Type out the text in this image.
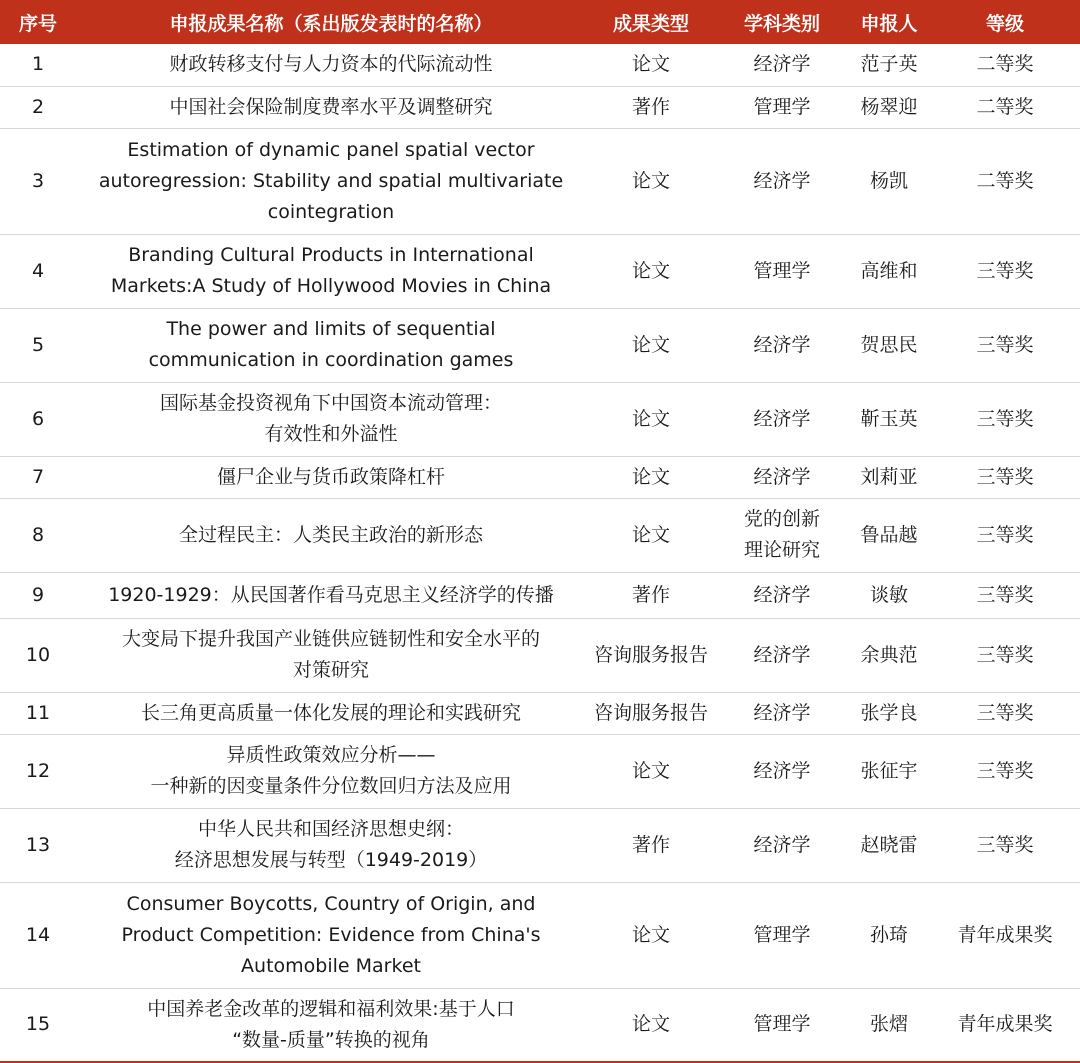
序号	申报成果名称（系出版发表时的名称）	成果类型	学科类别	申报人	等级
1	财政转移支付与人力资本的代际流动性	论文	经济学	范子英	二等奖
2	中国社会保险制度费率水平及调整研究	著作	管理学	杨翠迎	二等奖
3	Estimation of dynamic panel spatial vector
autoregression: Stability and spatial multivariate
cointegration	论文	经济学	杨凯	二等奖
4	Branding Cultural Products in International
Markets:A Study of Hollywood Movies in China	论文	管理学	高维和	三等奖
5	The power and limits of sequential
communication in coordination games	论文	经济学	贺思民	三等奖
6	国际基金投资视角下中国资本流动管理：
有效性和外溢性	论文	经济学	靳玉英	三等奖
7	僵尸企业与货币政策降杠杆	论文	经济学	刘莉亚	三等奖
8	全过程民主：人类民主政治的新形态	论文	党的创新
理论研究	鲁品越	三等奖
9	1920-1929：从民国著作看马克思主义经济学的传播	著作	经济学	谈敏	三等奖
10	大变局下提升我国产业链供应链韧性和安全水平的
对策研究	咨询服务报告	经济学	余典范	三等奖
11	长三角更高质量一体化发展的理论和实践研究	咨询服务报告	经济学	张学良	三等奖
12	异质性政策效应分析——
一种新的因变量条件分位数回归方法及应用	论文	经济学	张征宇	三等奖
13	中华人民共和国经济思想史纲：
经济思想发展与转型（1949-2019）	著作	经济学	赵晓雷	三等奖
14	Consumer Boycotts, Country of Origin, and
Product Competition: Evidence from China's
Automobile Market	论文	管理学	孙琦	青年成果奖
15	中国养老金改革的逻辑和福利效果:基于人口
“数量-质量”转换的视角	论文	管理学	张熠	青年成果奖
